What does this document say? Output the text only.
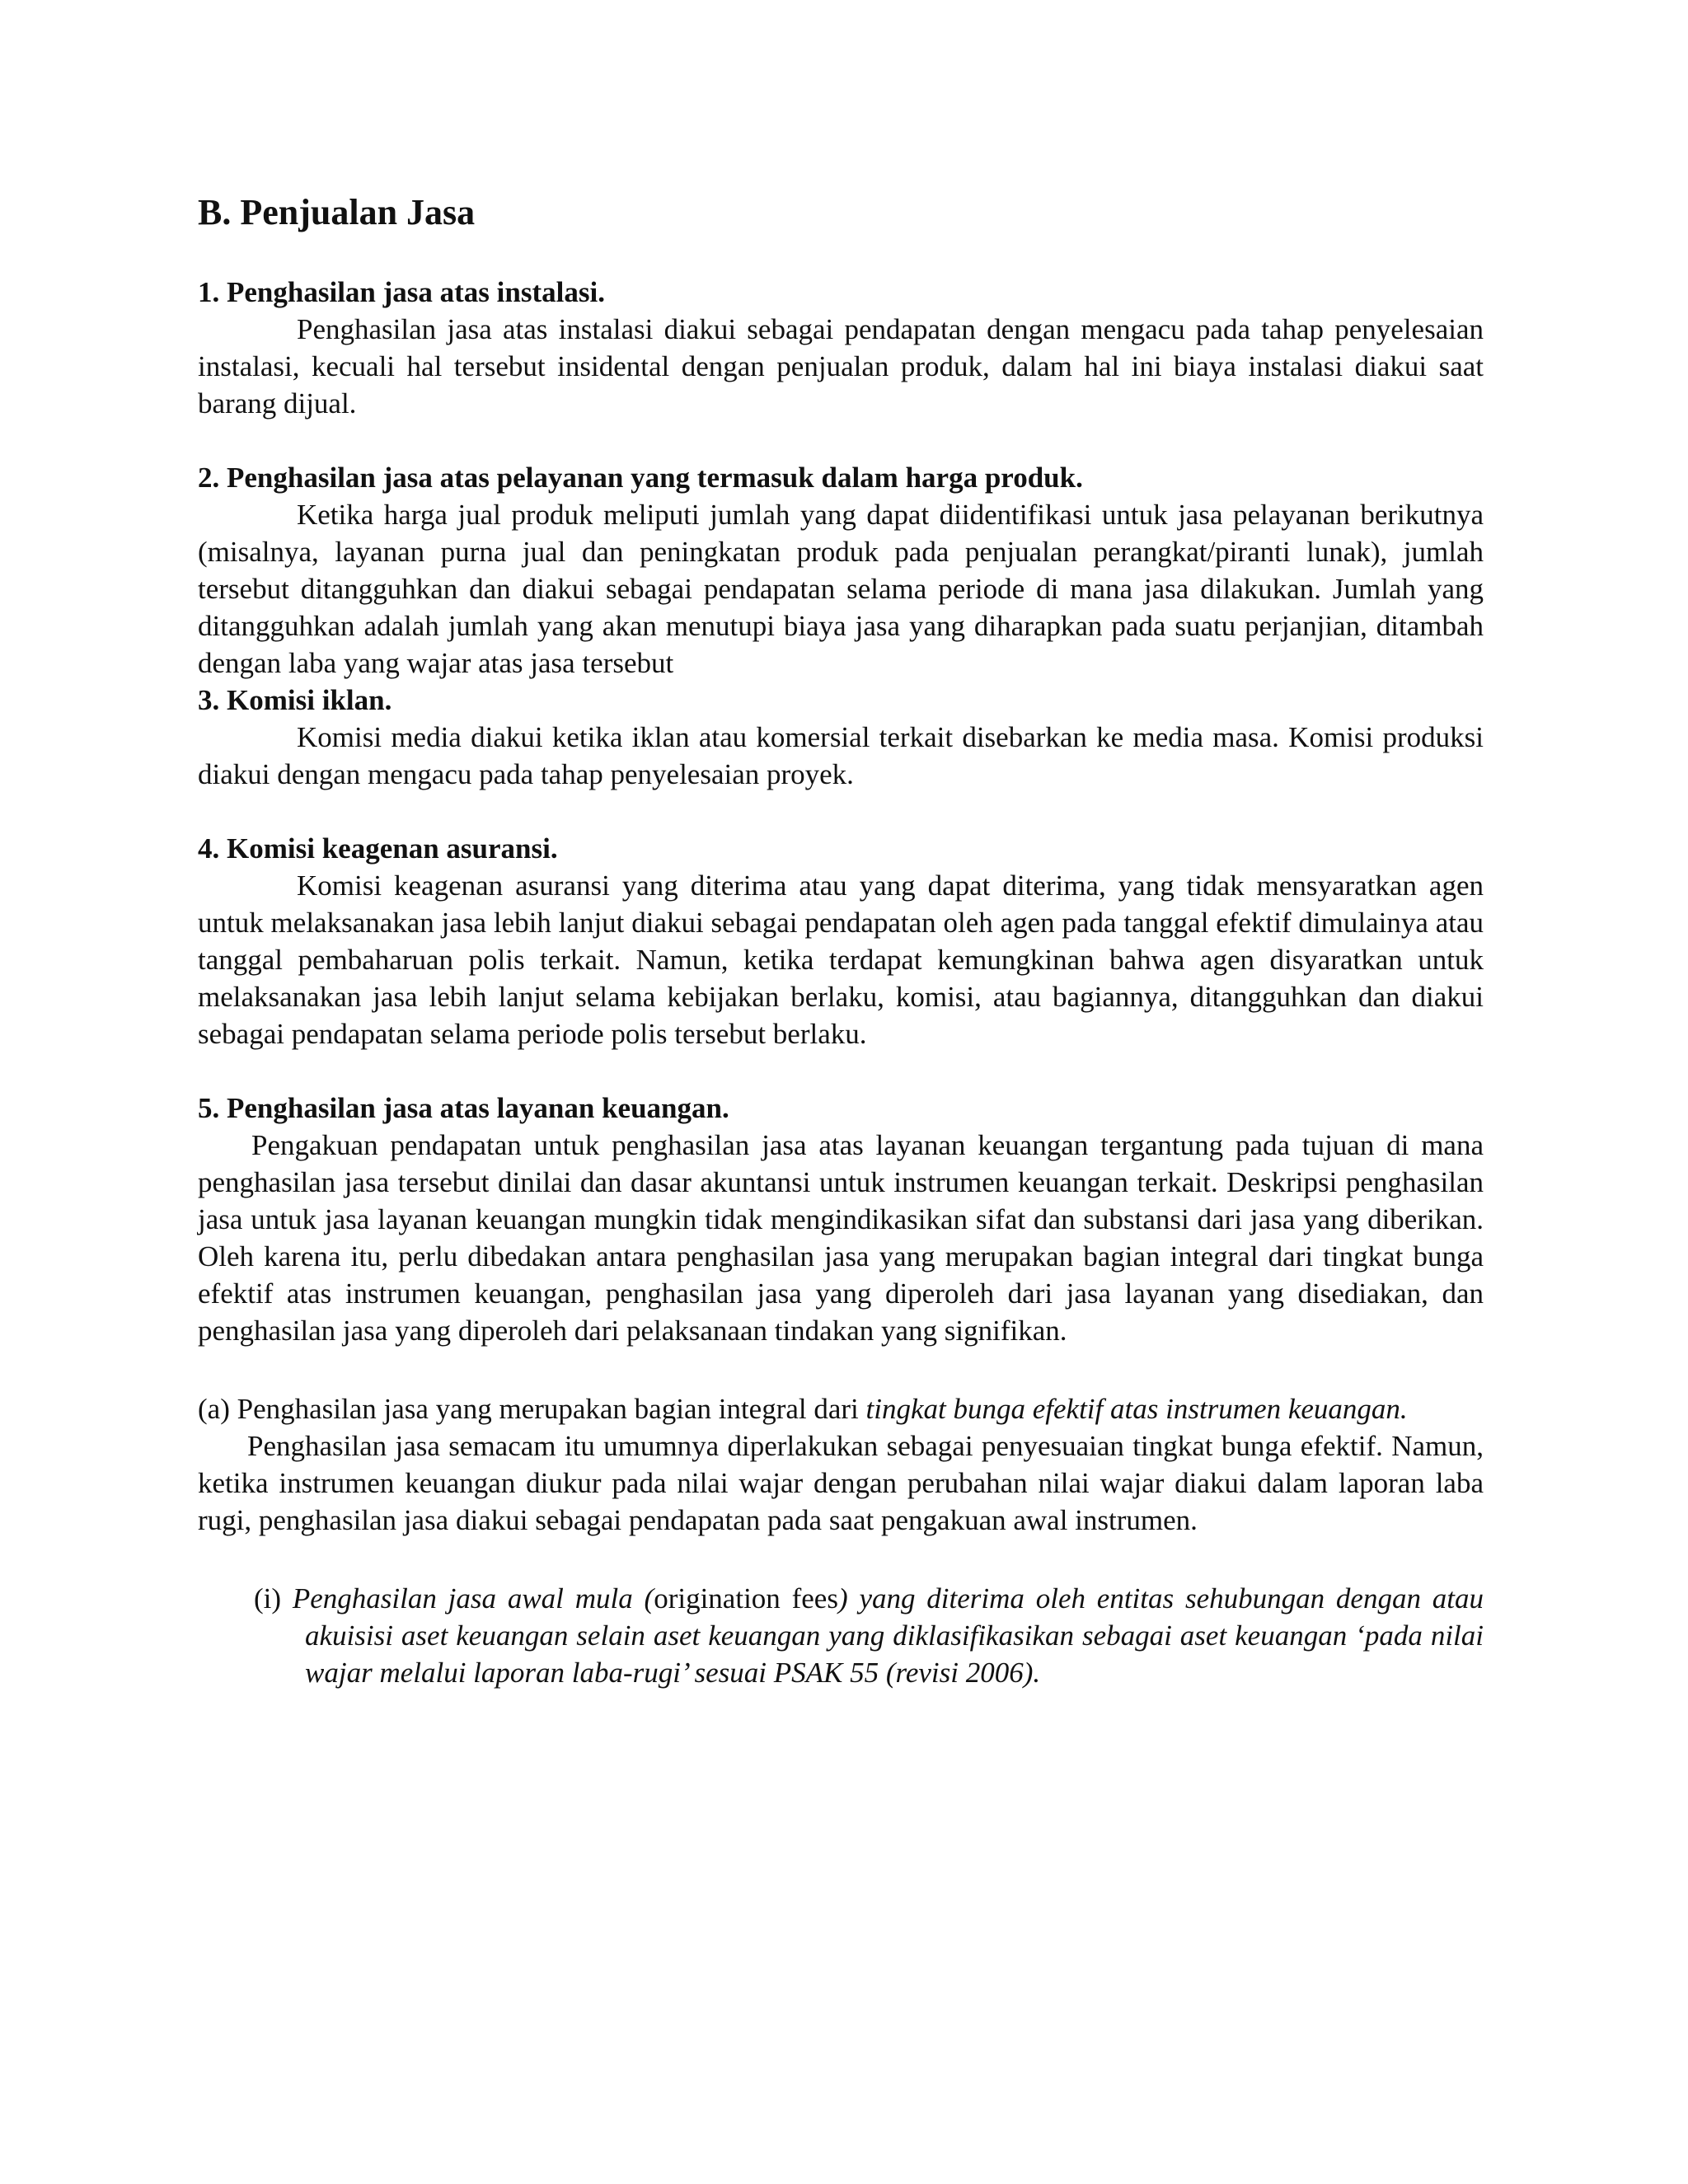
B. Penjualan Jasa

1. Penghasilan jasa atas instalasi.

Penghasilan jasa atas instalasi diakui sebagai pendapatan dengan mengacu pada tahap penyelesaian instalasi, kecuali hal tersebut insidental dengan penjualan produk, dalam hal ini biaya instalasi diakui saat barang dijual.

2. Penghasilan jasa atas pelayanan yang termasuk dalam harga produk.

Ketika harga jual produk meliputi jumlah yang dapat diidentifikasi untuk jasa pelayanan berikutnya (misalnya, layanan purna jual dan peningkatan produk pada penjualan perangkat/piranti lunak), jumlah tersebut ditangguhkan dan diakui sebagai pendapatan selama periode di mana jasa dilakukan. Jumlah yang ditangguhkan adalah jumlah yang akan menutupi biaya jasa yang diharapkan pada suatu perjanjian, ditambah dengan laba yang wajar atas jasa tersebut

3. Komisi iklan.

Komisi media diakui ketika iklan atau komersial terkait disebarkan ke media masa. Komisi produksi diakui dengan mengacu pada tahap penyelesaian proyek.

4. Komisi keagenan asuransi.

Komisi keagenan asuransi yang diterima atau yang dapat diterima, yang tidak mensyaratkan agen untuk melaksanakan jasa lebih lanjut diakui sebagai pendapatan oleh agen pada tanggal efektif dimulainya atau tanggal pembaharuan polis terkait. Namun, ketika terdapat kemungkinan bahwa agen disyaratkan untuk melaksanakan jasa lebih lanjut selama kebijakan berlaku, komisi, atau bagiannya, ditangguhkan dan diakui sebagai pendapatan selama periode polis tersebut berlaku.

5. Penghasilan jasa atas layanan keuangan.

Pengakuan pendapatan untuk penghasilan jasa atas layanan keuangan tergantung pada tujuan di mana penghasilan jasa tersebut dinilai dan dasar akuntansi untuk instrumen keuangan terkait. Deskripsi penghasilan jasa untuk jasa layanan keuangan mungkin tidak mengindikasikan sifat dan substansi dari jasa yang diberikan. Oleh karena itu, perlu dibedakan antara penghasilan jasa yang merupakan bagian integral dari tingkat bunga efektif atas instrumen keuangan, penghasilan jasa yang diperoleh dari jasa layanan yang disediakan, dan penghasilan jasa yang diperoleh dari pelaksanaan tindakan yang signifikan.

(a) Penghasilan jasa yang merupakan bagian integral dari tingkat bunga efektif atas instrumen keuangan.

Penghasilan jasa semacam itu umumnya diperlakukan sebagai penyesuaian tingkat bunga efektif. Namun, ketika instrumen keuangan diukur pada nilai wajar dengan perubahan nilai wajar diakui dalam laporan laba rugi, penghasilan jasa diakui sebagai pendapatan pada saat pengakuan awal instrumen.

(i) Penghasilan jasa awal mula (origination fees) yang diterima oleh entitas sehubungan dengan atau akuisisi aset keuangan selain aset keuangan yang diklasifikasikan sebagai aset keuangan ‘pada nilai wajar melalui laporan laba-rugi’ sesuai PSAK 55 (revisi 2006).
